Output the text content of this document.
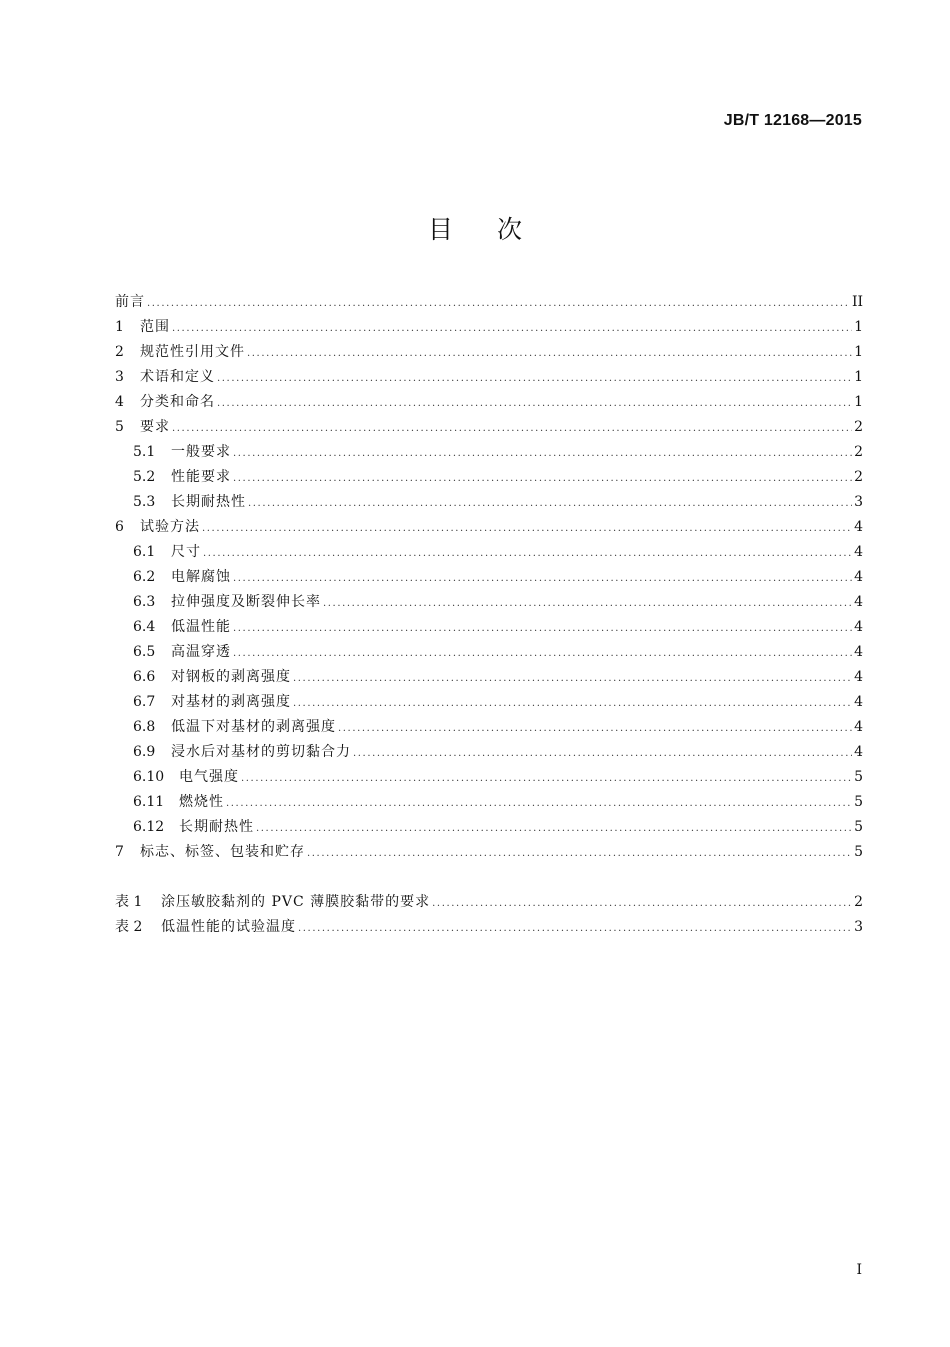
JB/T 12168—2015
目 次
前言 .....	II
1	范围 .....	1
2	规范性引用文件 .....	1
3	术语和定义 .....	1
4	分类和命名 .....	1
5	要求 .....	2
5.1	一般要求 .....	2
5.2	性能要求 .....	2
5.3	长期耐热性 .....	3
6	试验方法 .....	4
6.1	尺寸 .....	4
6.2	电解腐蚀 .....	4
6.3	拉伸强度及断裂伸长率 .....	4
6.4	低温性能 .....	4
6.5	高温穿透 .....	4
6.6	对钢板的剥离强度 .....	4
6.7	对基材的剥离强度 .....	4
6.8	低温下对基材的剥离强度 .....	4
6.9	浸水后对基材的剪切黏合力 .....	4
6.10	电气强度 .....	5
6.11	燃烧性 .....	5
6.12	长期耐热性 .....	5
7	标志、标签、包装和贮存 .....	5
表 1	涂压敏胶黏剂的 PVC 薄膜胶黏带的要求 .....	2
表 2	低温性能的试验温度 .....	3
I
